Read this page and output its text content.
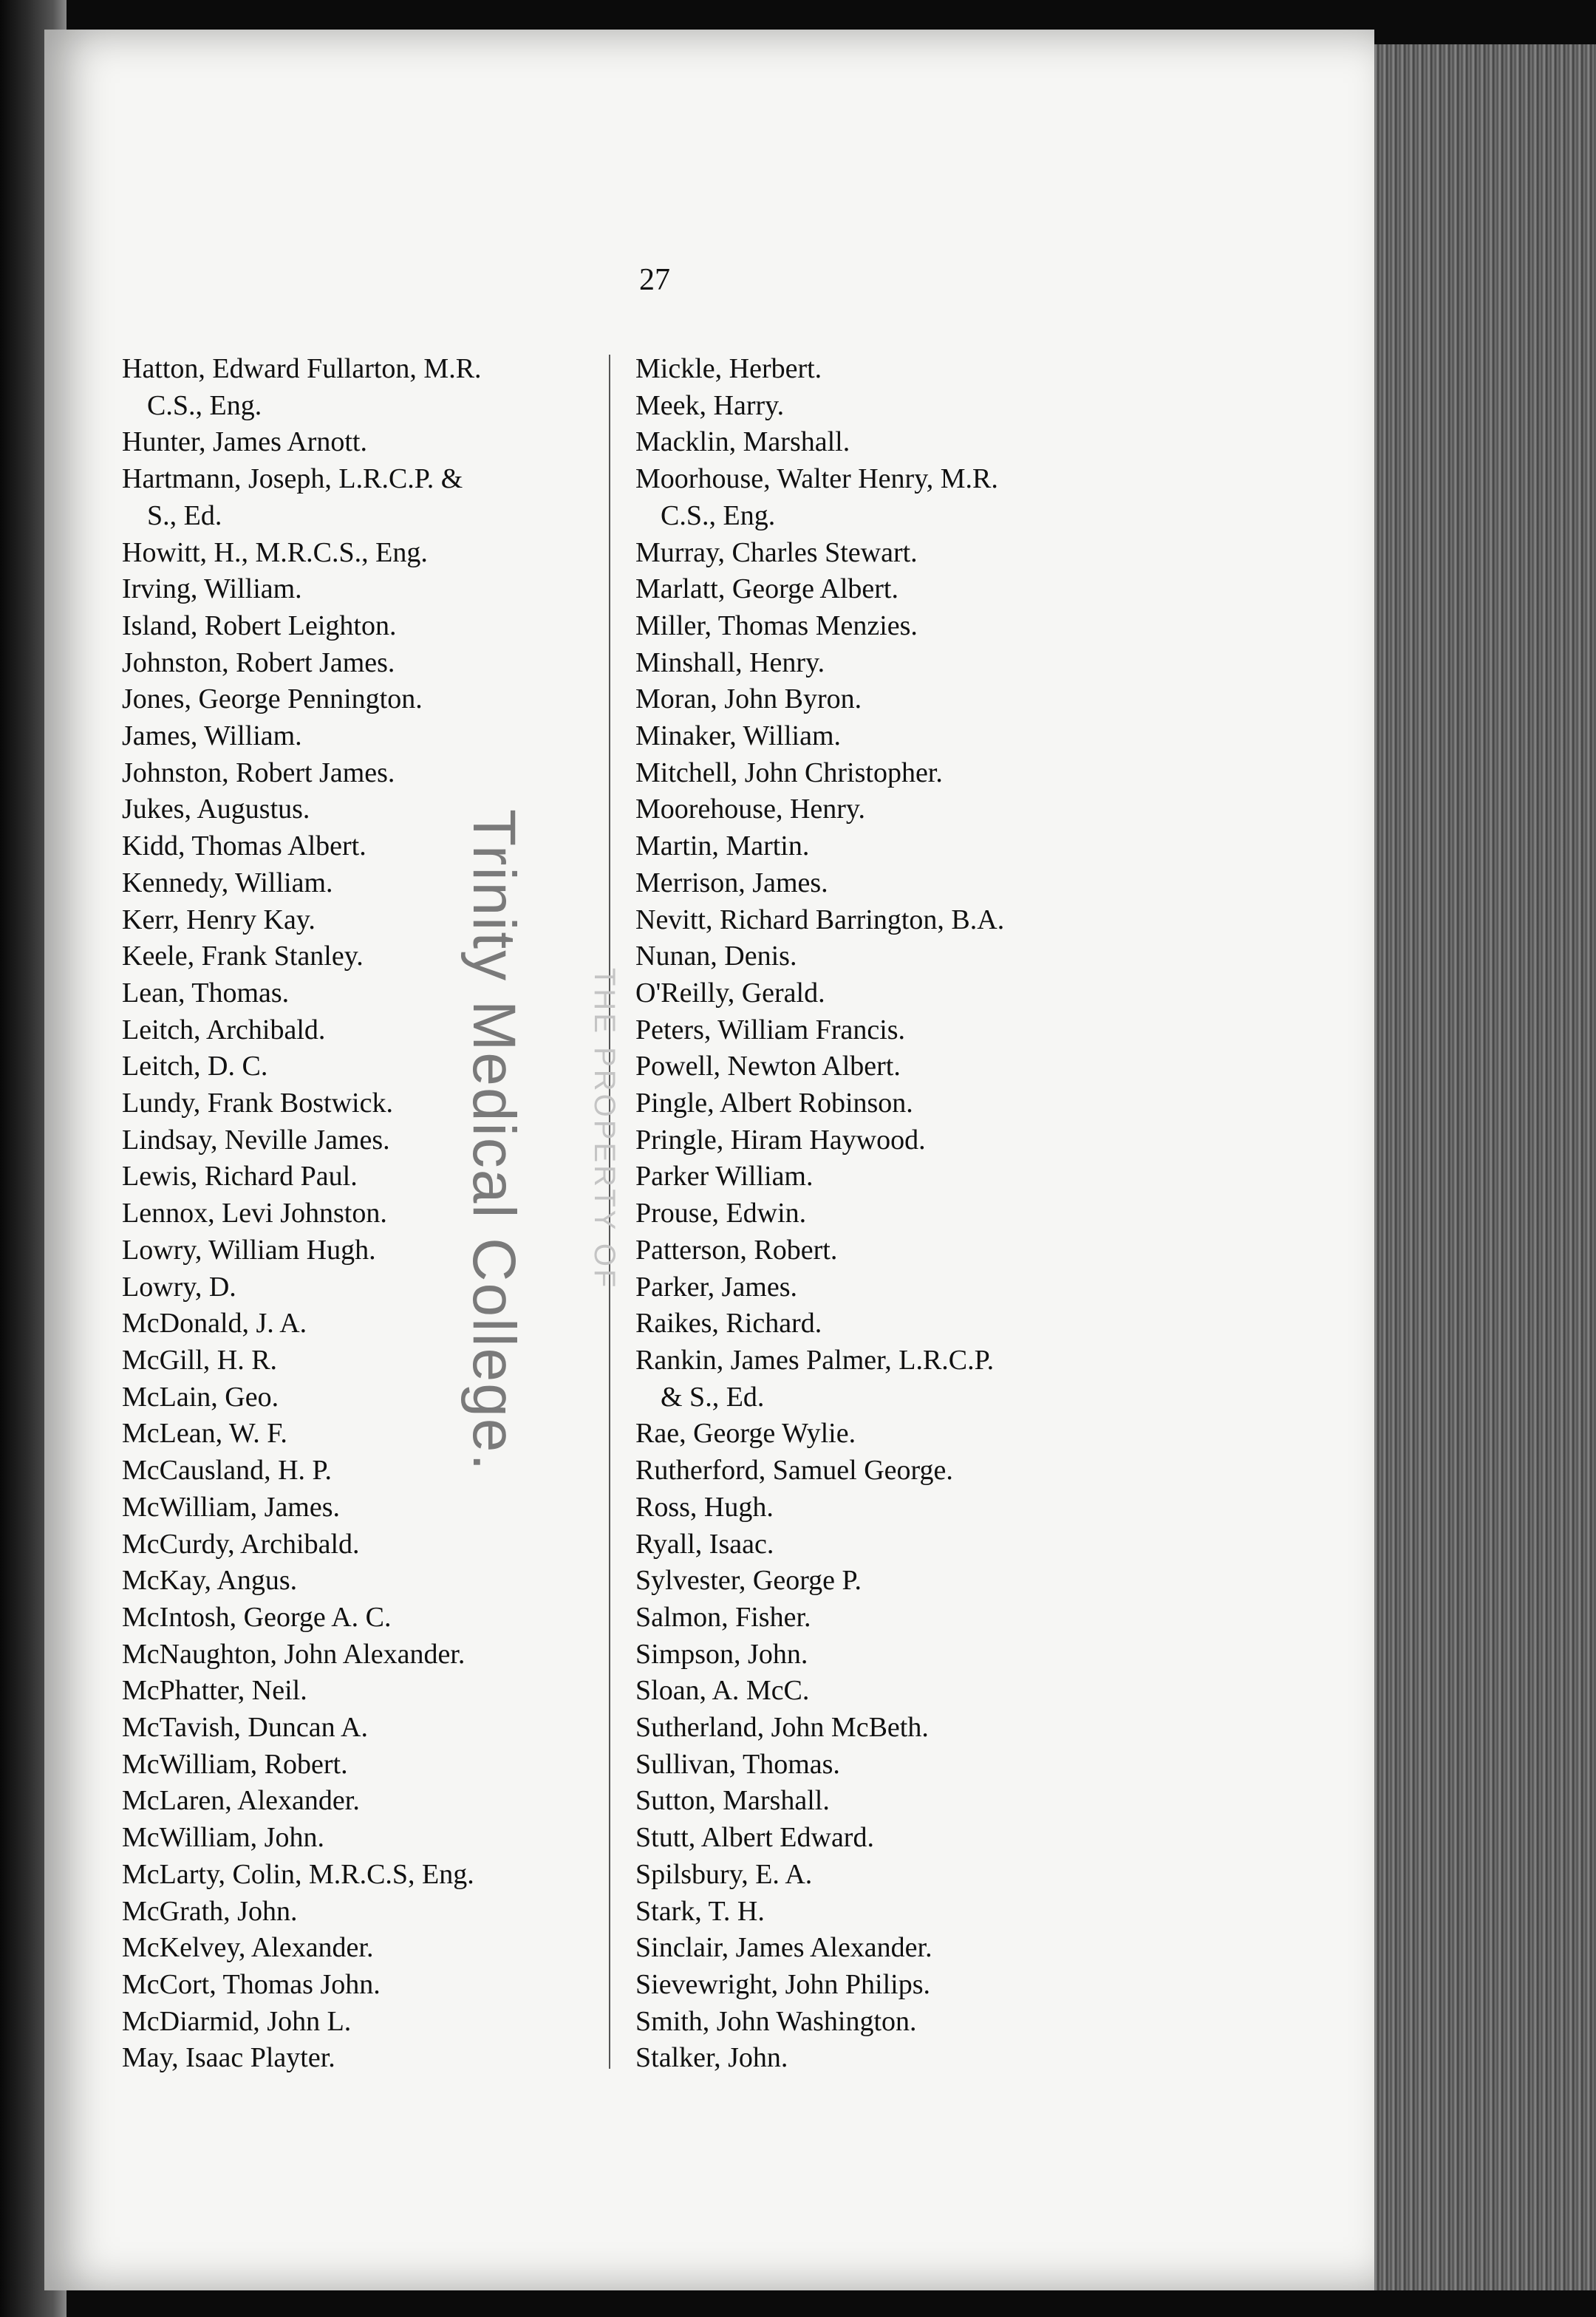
27
Hatton, Edward Fullarton, M.R.
C.S., Eng.
Hunter, James Arnott.
Hartmann, Joseph, L.R.C.P. &
S., Ed.
Howitt, H., M.R.C.S., Eng.
Irving, William.
Island, Robert Leighton.
Johnston, Robert James.
Jones, George Pennington.
James, William.
Johnston, Robert James.
Jukes, Augustus.
Kidd, Thomas Albert.
Kennedy, William.
Kerr, Henry Kay.
Keele, Frank Stanley.
Lean, Thomas.
Leitch, Archibald.
Leitch, D. C.
Lundy, Frank Bostwick.
Lindsay, Neville James.
Lewis, Richard Paul.
Lennox, Levi Johnston.
Lowry, William Hugh.
Lowry, D.
McDonald, J. A.
McGill, H. R.
McLain, Geo.
McLean, W. F.
McCausland, H. P.
McWilliam, James.
McCurdy, Archibald.
McKay, Angus.
McIntosh, George A. C.
McNaughton, John Alexander.
McPhatter, Neil.
McTavish, Duncan A.
McWilliam, Robert.
McLaren, Alexander.
McWilliam, John.
McLarty, Colin, M.R.C.S, Eng.
McGrath, John.
McKelvey, Alexander.
McCort, Thomas John.
McDiarmid, John L.
May, Isaac Playter.
Mickle, Herbert.
Meek, Harry.
Macklin, Marshall.
Moorhouse, Walter Henry, M.R.
C.S., Eng.
Murray, Charles Stewart.
Marlatt, George Albert.
Miller, Thomas Menzies.
Minshall, Henry.
Moran, John Byron.
Minaker, William.
Mitchell, John Christopher.
Moorehouse, Henry.
Martin, Martin.
Merrison, James.
Nevitt, Richard Barrington, B.A.
Nunan, Denis.
O'Reilly, Gerald.
Peters, William Francis.
Powell, Newton Albert.
Pingle, Albert Robinson.
Pringle, Hiram Haywood.
Parker William.
Prouse, Edwin.
Patterson, Robert.
Parker, James.
Raikes, Richard.
Rankin, James Palmer, L.R.C.P.
& S., Ed.
Rae, George Wylie.
Rutherford, Samuel George.
Ross, Hugh.
Ryall, Isaac.
Sylvester, George P.
Salmon, Fisher.
Simpson, John.
Sloan, A. McC.
Sutherland, John McBeth.
Sullivan, Thomas.
Sutton, Marshall.
Stutt, Albert Edward.
Spilsbury, E. A.
Stark, T. H.
Sinclair, James Alexander.
Sievewright, John Philips.
Smith, John Washington.
Stalker, John.
Trinity Medical College. THE PROPERTY OF
